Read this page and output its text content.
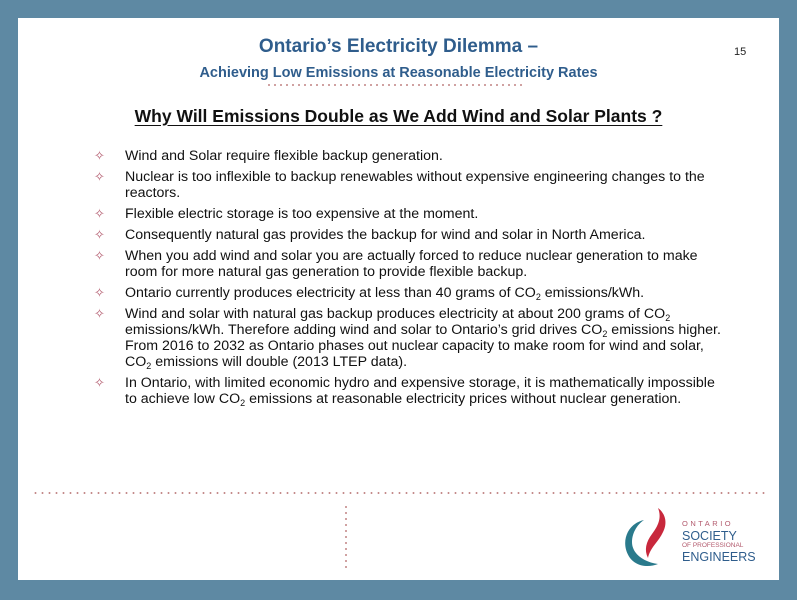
Ontario’s Electricity Dilemma –
Achieving Low Emissions at Reasonable Electricity Rates
15
Why Will Emissions Double as We Add Wind and Solar Plants ?
✧ Wind and Solar require flexible backup generation.
✧ Nuclear is too inflexible to backup renewables without expensive engineering changes to the reactors.
✧ Flexible electric storage is too expensive at the moment.
✧ Consequently natural gas provides the backup for wind and solar in North America.
✧ When you add wind and solar you are actually forced to reduce nuclear generation to make room for more natural gas generation to provide flexible backup.
✧ Ontario currently produces electricity at less than 40 grams of $CO_2$ emissions/kWh.
✧ Wind and solar with natural gas backup produces electricity at about 200 grams of $CO_2$ emissions/kWh. Therefore adding wind and solar to Ontario’s grid drives $CO_2$ emissions higher. From 2016 to 2032 as Ontario phases out nuclear capacity to make room for wind and solar, $CO_2$ emissions will double (2013 LTEP data).
✧ In Ontario, with limited economic hydro and expensive storage, it is mathematically impossible to achieve low $CO_2$ emissions at reasonable electricity prices without nuclear generation.
ONTARIO
SOCIETY
OF PROFESSIONAL
ENGINEERS
